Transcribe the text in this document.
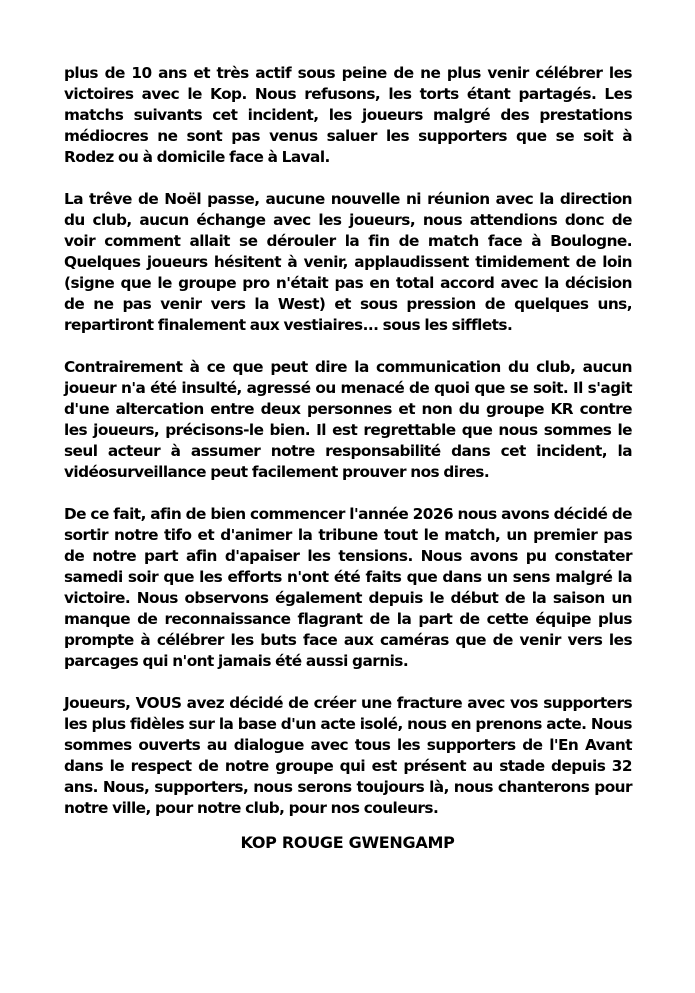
plus de 10 ans et très actif sous peine de ne plus venir célébrer les victoires avec le Kop. Nous refusons, les torts étant partagés. Les matchs suivants cet incident, les joueurs malgré des prestations médiocres ne sont pas venus saluer les supporters que se soit à Rodez ou à domicile face à Laval.

La trêve de Noël passe, aucune nouvelle ni réunion avec la direction du club, aucun échange avec les joueurs, nous attendions donc de voir comment allait se dérouler la fin de match face à Boulogne. Quelques joueurs hésitent à venir, applaudissent timidement de loin (signe que le groupe pro n'était pas en total accord avec la décision de ne pas venir vers la West) et sous pression de quelques uns, repartiront finalement aux vestiaires... sous les sifflets.

Contrairement à ce que peut dire la communication du club, aucun joueur n'a été insulté, agressé ou menacé de quoi que se soit. Il s'agit d'une altercation entre deux personnes et non du groupe KR contre les joueurs, précisons-le bien. Il est regrettable que nous sommes le seul acteur à assumer notre responsabilité dans cet incident, la vidéosurveillance peut facilement prouver nos dires.

De ce fait, afin de bien commencer l'année 2026 nous avons décidé de sortir notre tifo et d'animer la tribune tout le match, un premier pas de notre part afin d'apaiser les tensions. Nous avons pu constater samedi soir que les efforts n'ont été faits que dans un sens malgré la victoire. Nous observons également depuis le début de la saison un manque de reconnaissance flagrant de la part de cette équipe plus prompte à célébrer les buts face aux caméras que de venir vers les parcages qui n'ont jamais été aussi garnis.

Joueurs, VOUS avez décidé de créer une fracture avec vos supporters les plus fidèles sur la base d'un acte isolé, nous en prenons acte. Nous sommes ouverts au dialogue avec tous les supporters de l'En Avant dans le respect de notre groupe qui est présent au stade depuis 32 ans. Nous, supporters, nous serons toujours là, nous chanterons pour notre ville, pour notre club, pour nos couleurs.

KOP ROUGE GWENGAMP
